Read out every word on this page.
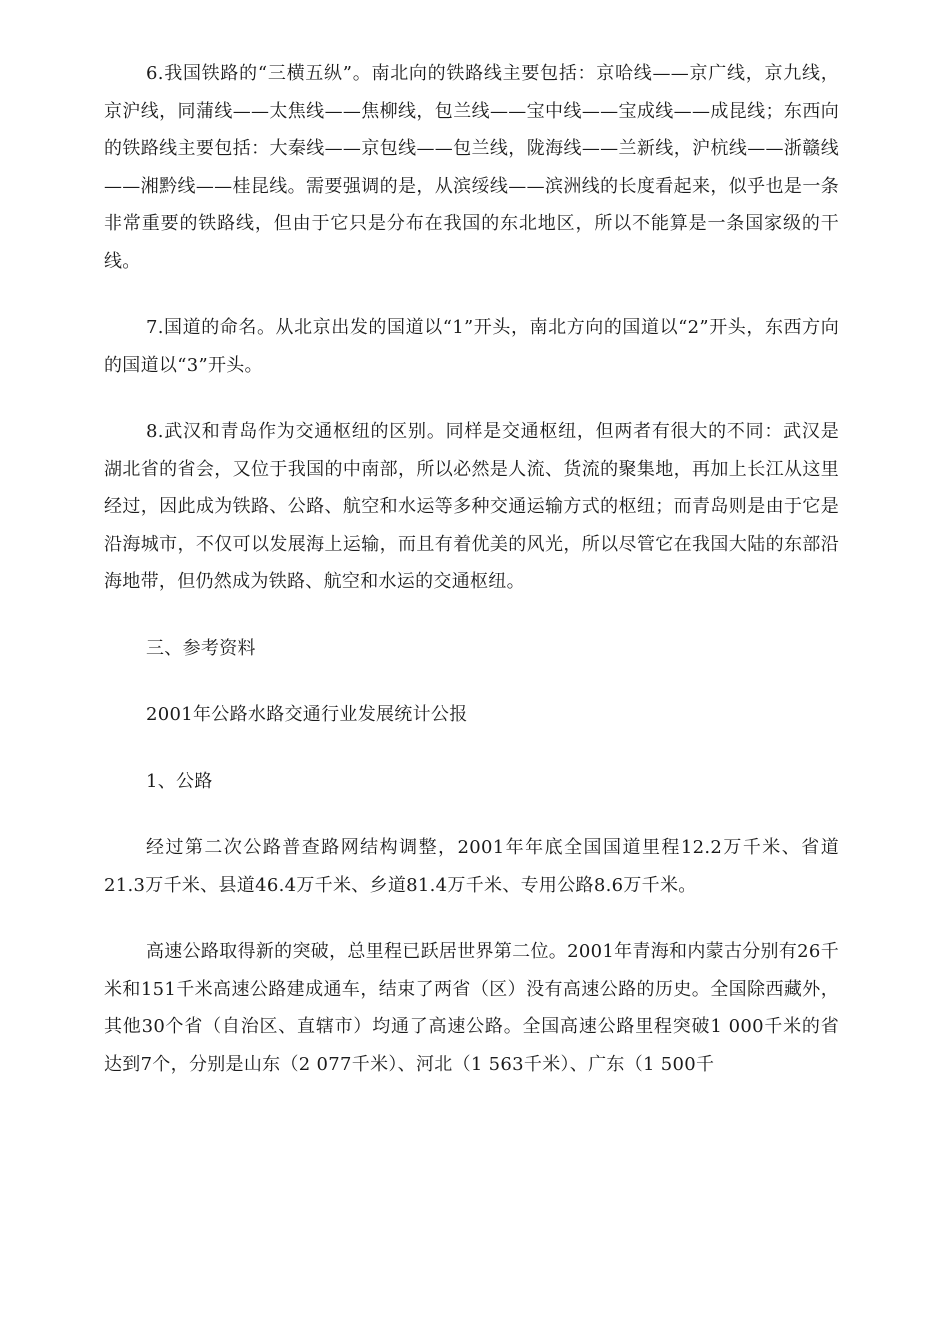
6.我国铁路的“三横五纵”。南北向的铁路线主要包括：京哈线——京广线，京九线，京沪线，同蒲线——太焦线——焦柳线，包兰线——宝中线——宝成线——成昆线；东西向的铁路线主要包括：大秦线——京包线——包兰线，陇海线——兰新线，沪杭线——浙赣线——湘黔线——桂昆线。需要强调的是，从滨绥线——滨洲线的长度看起来，似乎也是一条非常重要的铁路线，但由于它只是分布在我国的东北地区，所以不能算是一条国家级的干线。

7.国道的命名。从北京出发的国道以“1”开头，南北方向的国道以“2”开头，东西方向的国道以“3”开头。

8.武汉和青岛作为交通枢纽的区别。同样是交通枢纽，但两者有很大的不同：武汉是湖北省的省会，又位于我国的中南部，所以必然是人流、货流的聚集地，再加上长江从这里经过，因此成为铁路、公路、航空和水运等多种交通运输方式的枢纽；而青岛则是由于它是沿海城市，不仅可以发展海上运输，而且有着优美的风光，所以尽管它在我国大陆的东部沿海地带，但仍然成为铁路、航空和水运的交通枢纽。

三、参考资料

2001年公路水路交通行业发展统计公报

1、公路

经过第二次公路普查路网结构调整，2001年年底全国国道里程12.2万千米、省道21.3万千米、县道46.4万千米、乡道81.4万千米、专用公路8.6万千米。

高速公路取得新的突破，总里程已跃居世界第二位。2001年青海和内蒙古分别有26千米和151千米高速公路建成通车，结束了两省（区）没有高速公路的历史。全国除西藏外，其他30个省（自治区、直辖市）均通了高速公路。全国高速公路里程突破1 000千米的省达到7个，分别是山东（2 077千米）、河北（1 563千米）、广东（1 500千
